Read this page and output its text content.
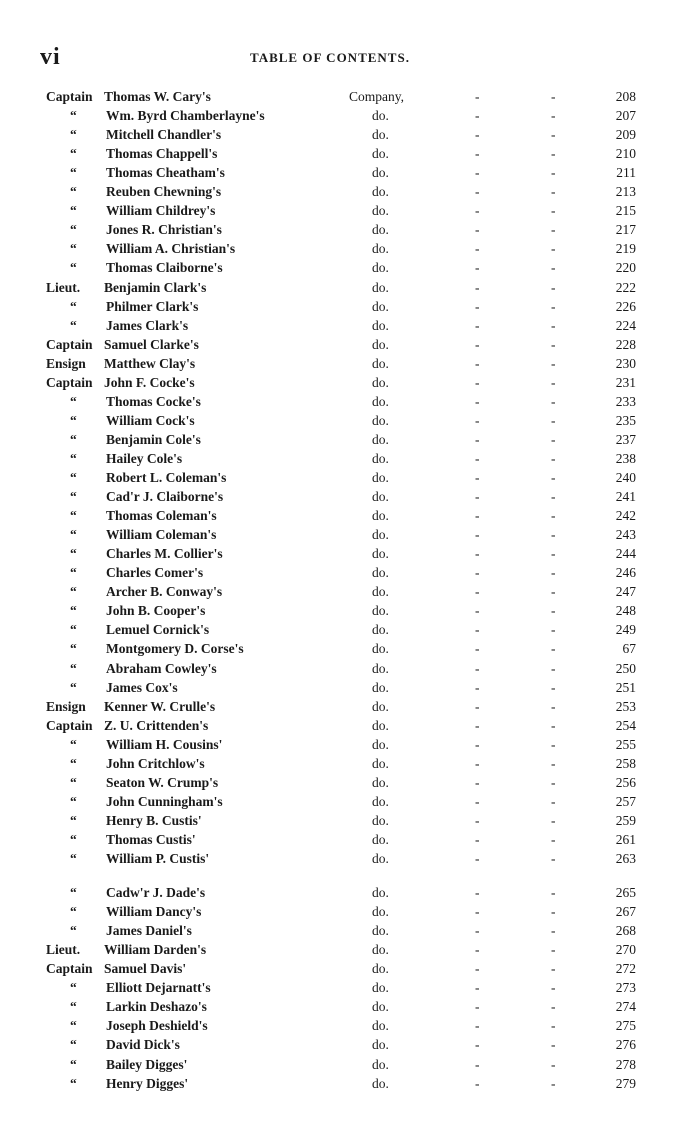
vi	TABLE OF CONTENTS.
Captain Thomas W. Cary's	Company,	-	-	208
“ Wm. Byrd Chamberlayne's	do.	-	-	207
“ Mitchell Chandler's	do.	-	-	209
“ Thomas Chappell's	do.	-	-	210
“ Thomas Cheatham's	do.	-	-	211
“ Reuben Chewning's	do.	-	-	213
“ William Childrey's	do.	-	-	215
“ Jones R. Christian's	do.	-	-	217
“ William A. Christian's	do.	-	-	219
“ Thomas Claiborne's	do.	-	-	220
Lieut. Benjamin Clark's	do.	-	-	222
“ Philmer Clark's	do.	-	-	226
“ James Clark's	do.	-	-	224
Captain Samuel Clarke's	do.	-	-	228
Ensign Matthew Clay's	do.	-	-	230
Captain John F. Cocke's	do.	-	-	231
“ Thomas Cocke's	do.	-	-	233
“ William Cock's	do.	-	-	235
“ Benjamin Cole's	do.	-	-	237
“ Hailey Cole's	do.	-	-	238
“ Robert L. Coleman's	do.	-	-	240
“ Cad'r J. Claiborne's	do.	-	-	241
“ Thomas Coleman's	do.	-	-	242
“ William Coleman's	do.	-	-	243
“ Charles M. Collier's	do.	-	-	244
“ Charles Comer's	do.	-	-	246
“ Archer B. Conway's	do.	-	-	247
“ John B. Cooper's	do.	-	-	248
“ Lemuel Cornick's	do.	-	-	249
“ Montgomery D. Corse's	do.	-	-	67
“ Abraham Cowley's	do.	-	-	250
“ James Cox's	do.	-	-	251
Ensign Kenner W. Crulle's	do.	-	-	253
Captain Z. U. Crittenden's	do.	-	-	254
“ William H. Cousins'	do.	-	-	255
“ John Critchlow's	do.	-	-	258
“ Seaton W. Crump's	do.	-	-	256
“ John Cunningham's	do.	-	-	257
“ Henry B. Custis'	do.	-	-	259
“ Thomas Custis'	do.	-	-	261
“ William P. Custis'	do.	-	-	263
“ Cadw'r J. Dade's	do.	-	-	265
“ William Dancy's	do.	-	-	267
“ James Daniel's	do.	-	-	268
Lieut. William Darden's	do.	-	-	270
Captain Samuel Davis'	do.	-	-	272
“ Elliott Dejarnatt's	do.	-	-	273
“ Larkin Deshazo's	do.	-	-	274
“ Joseph Deshield's	do.	-	-	275
“ David Dick's	do.	-	-	276
“ Bailey Digges'	do.	-	-	278
“ Henry Digges'	do.	-	-	279
